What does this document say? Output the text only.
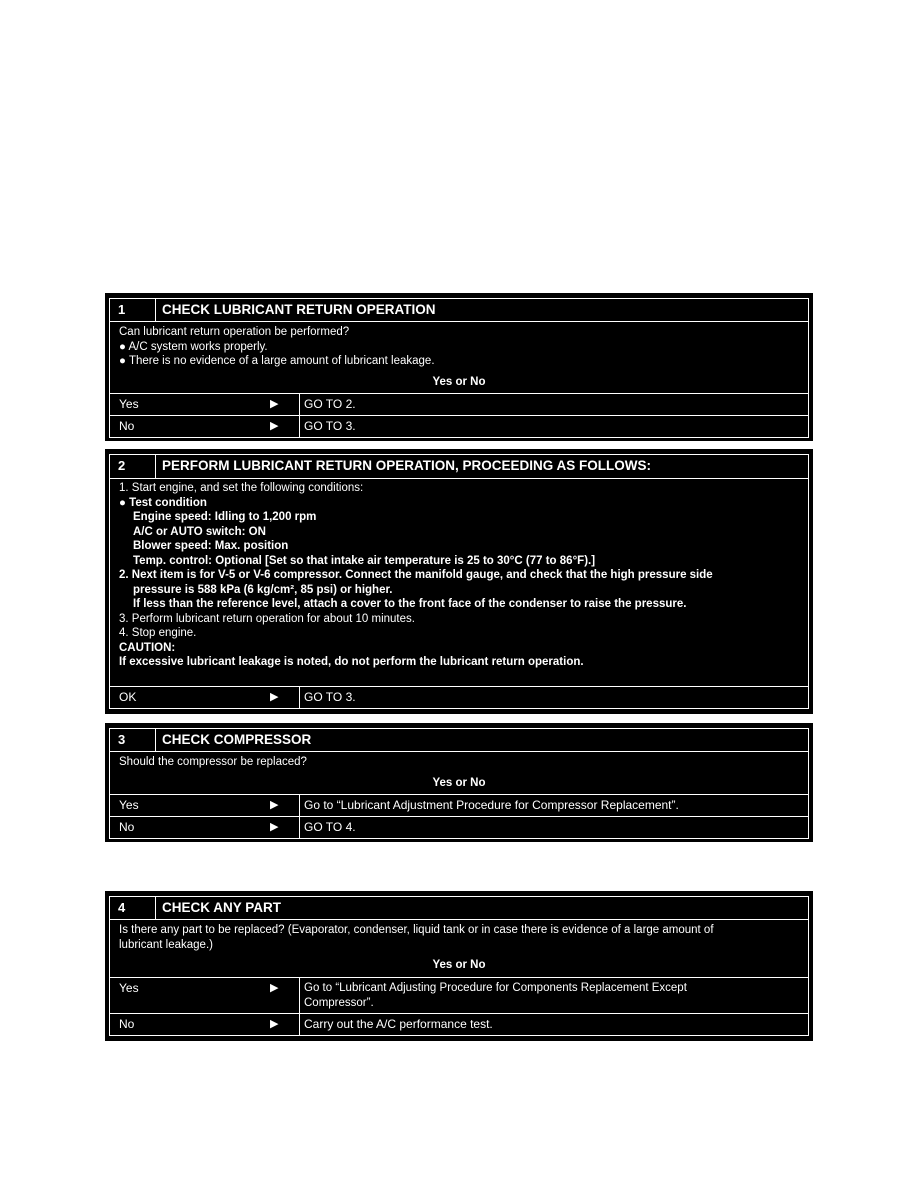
1	CHECK LUBRICANT RETURN OPERATION
Can lubricant return operation be performed?
● A/C system works properly.
● There is no evidence of a large amount of lubricant leakage.
Yes or No
Yes	▶	GO TO 2.
No	▶	GO TO 3.
2	PERFORM LUBRICANT RETURN OPERATION, PROCEEDING AS FOLLOWS:
1. Start engine, and set the following conditions:
● Test condition
Engine speed: Idling to 1,200 rpm
A/C or AUTO switch: ON
Blower speed: Max. position
Temp. control: Optional [Set so that intake air temperature is 25 to 30°C (77 to 86°F).]
2. Next item is for V-5 or V-6 compressor. Connect the manifold gauge, and check that the high pressure side
pressure is 588 kPa (6 kg/cm², 85 psi) or higher.
If less than the reference level, attach a cover to the front face of the condenser to raise the pressure.
3. Perform lubricant return operation for about 10 minutes.
4. Stop engine.
CAUTION:
If excessive lubricant leakage is noted, do not perform the lubricant return operation.
OK	▶	GO TO 3.
3	CHECK COMPRESSOR
Should the compressor be replaced?
Yes or No
Yes	▶	Go to “Lubricant Adjustment Procedure for Compressor Replacement”.
No	▶	GO TO 4.
4	CHECK ANY PART
Is there any part to be replaced? (Evaporator, condenser, liquid tank or in case there is evidence of a large amount of
lubricant leakage.)
Yes or No
Yes	▶ Go to “Lubricant Adjusting Procedure for Components Replacement Except
Compressor”.
No	▶	Carry out the A/C performance test.
